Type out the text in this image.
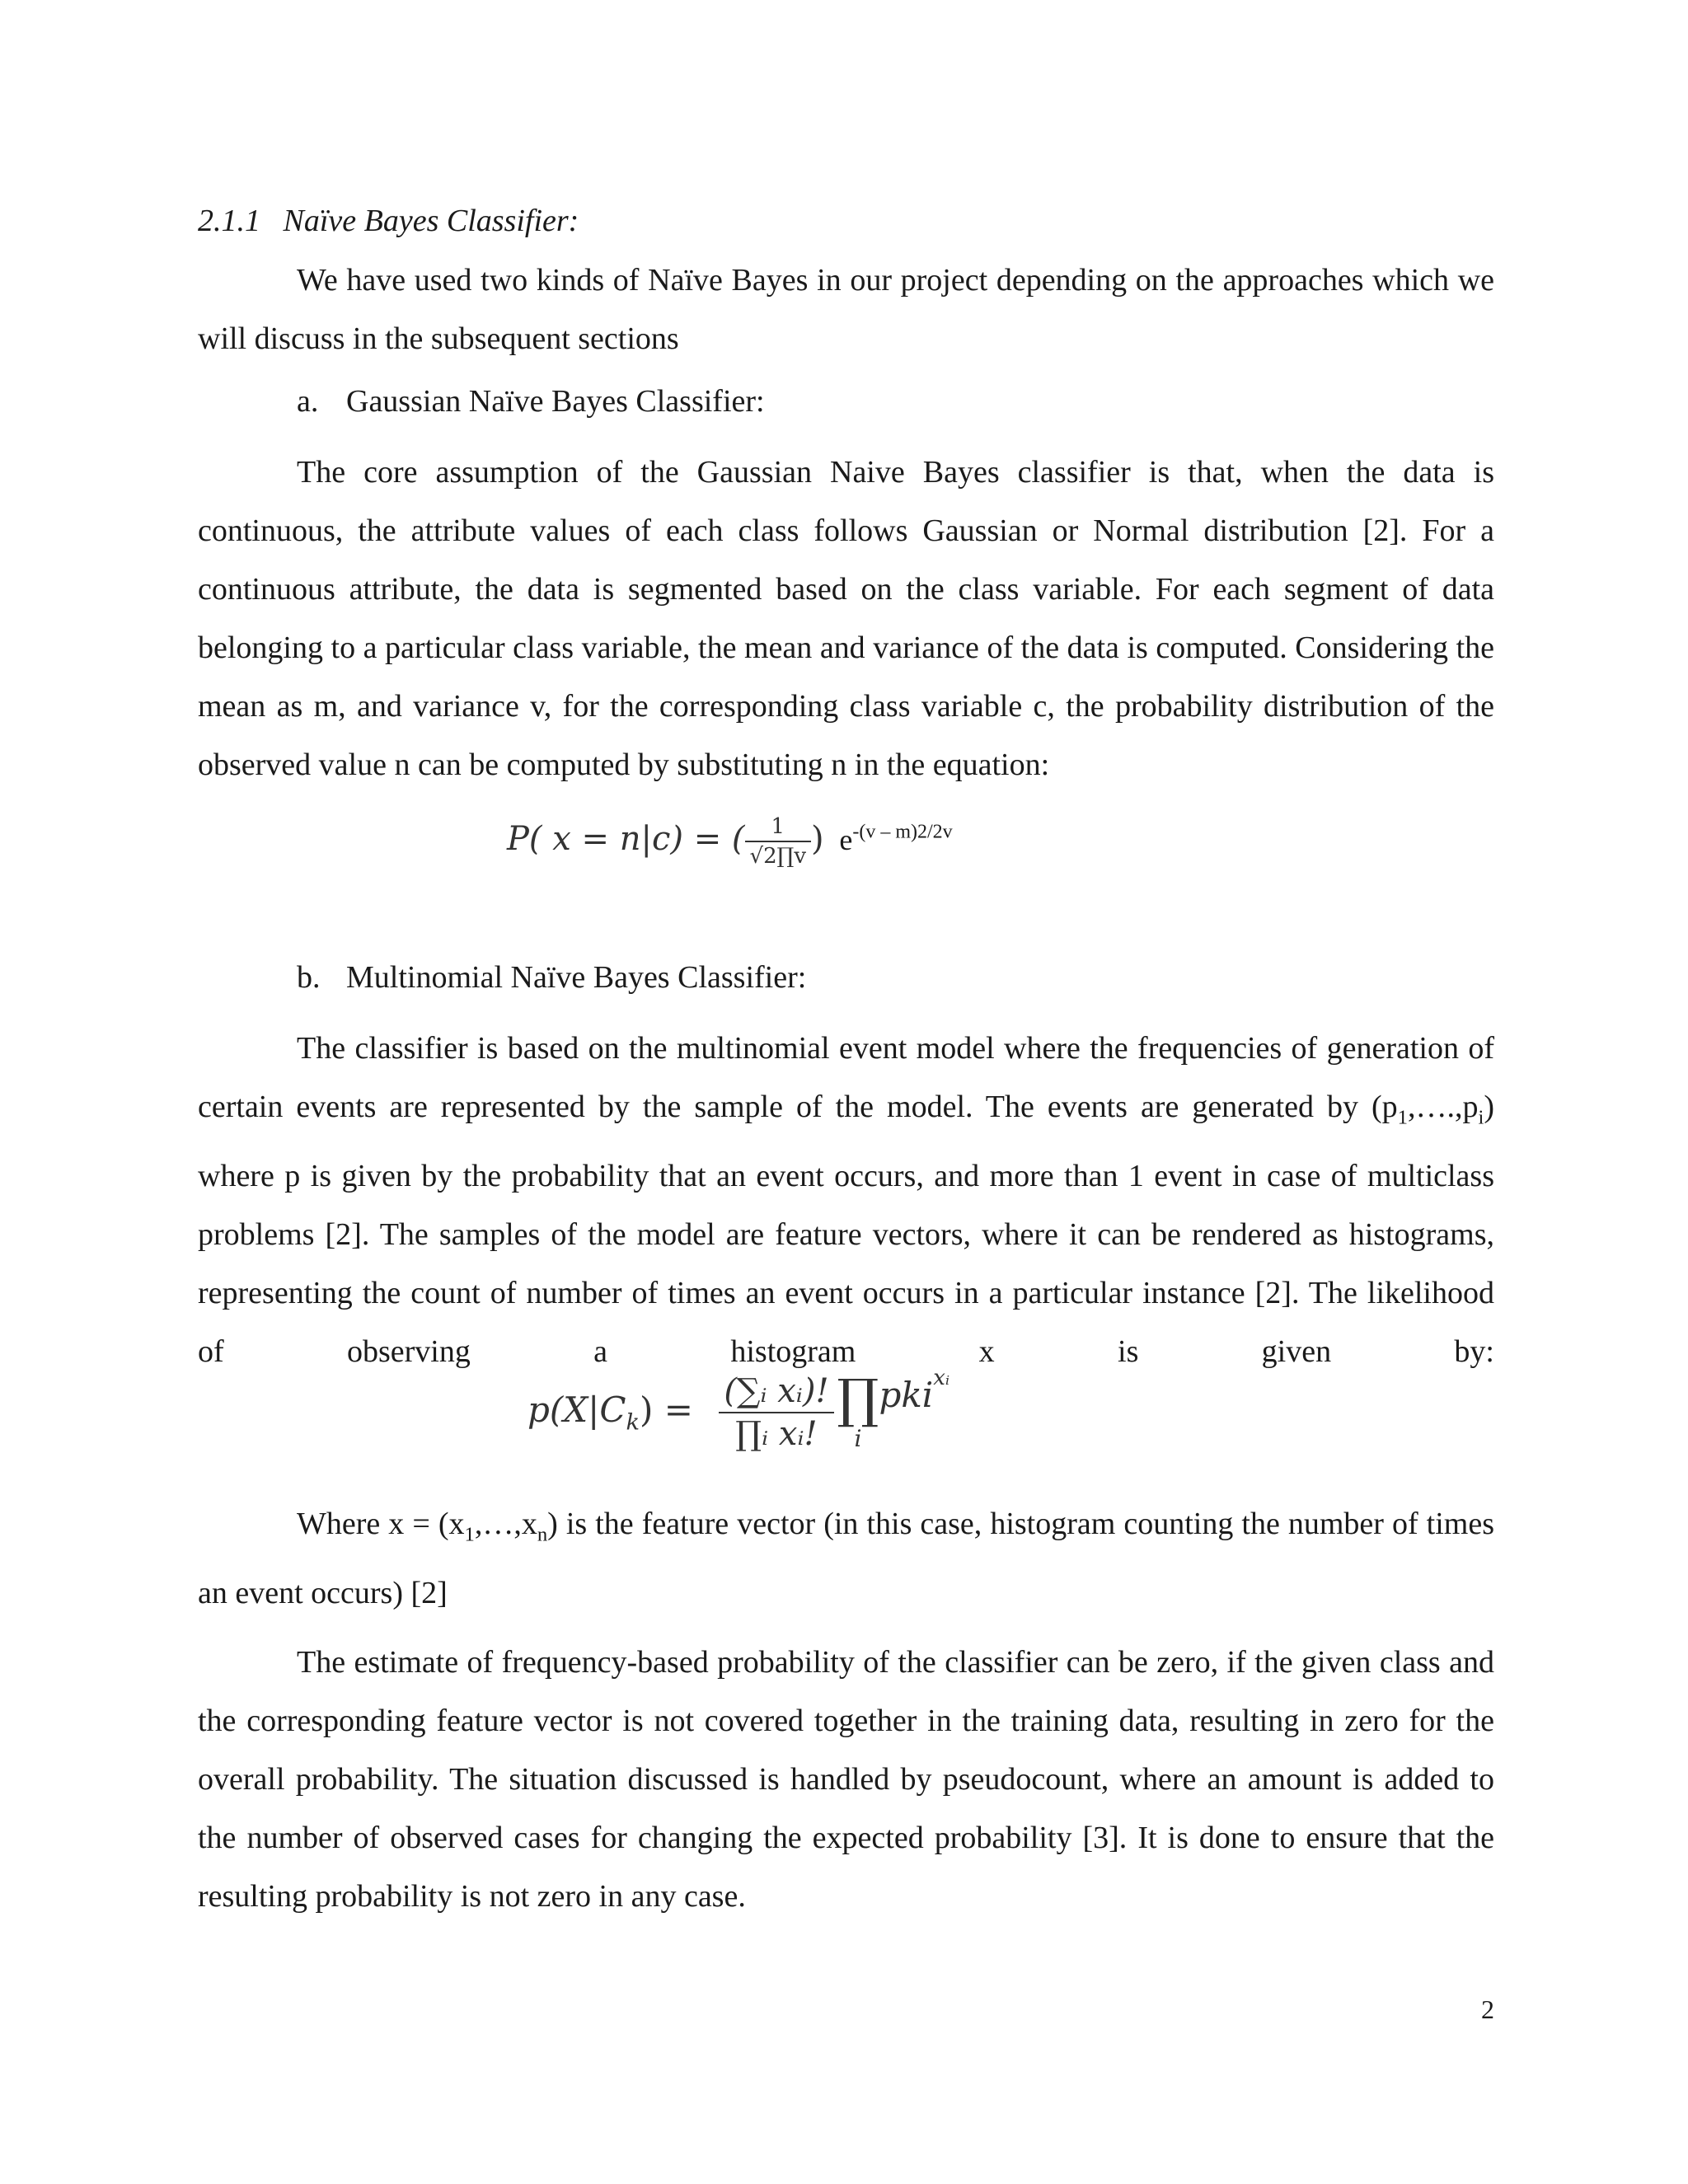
2.1.1 Naïve Bayes Classifier:

We have used two kinds of Naïve Bayes in our project depending on the approaches which we will discuss in the subsequent sections

a. Gaussian Naïve Bayes Classifier:

The core assumption of the Gaussian Naive Bayes classifier is that, when the data is continuous, the attribute values of each class follows Gaussian or Normal distribution [2]. For a continuous attribute, the data is segmented based on the class variable. For each segment of data belonging to a particular class variable, the mean and variance of the data is computed. Considering the mean as m, and variance v, for the corresponding class variable c, the probability distribution of the observed value n can be computed by substituting n in the equation:

P( x = n|c) = ( $\frac{1}{√2\prod v}$ ) $e^{-(v - m)2/2v}$
b. Multinomial Naïve Bayes Classifier:

The classifier is based on the multinomial event model where the frequencies of generation of certain events are represented by the sample of the model. The events are generated by $(p_1,\dots.,p_i)$ where p is given by the probability that an event occurs, and more than 1 event in case of multiclass problems [2]. The samples of the model are feature vectors, where it can be rendered as histograms, representing the count of number of times an event occurs in a particular instance [2]. The likelihood of observing a histogram x is given by:

$p(X|C_k) = \frac{\text{(∑ᵢ xᵢ)!}}{\text{∏ᵢ xᵢ!}}$ ∏
i
pki$^{xᵢ}$

Where $x = (x_1,\dots,x_n)$ is the feature vector (in this case, histogram counting the number of times an event occurs) [2]

The estimate of frequency-based probability of the classifier can be zero, if the given class and the corresponding feature vector is not covered together in the training data, resulting in zero for the overall probability. The situation discussed is handled by pseudocount, where an amount is added to the number of observed cases for changing the expected probability [3]. It is done to ensure that the resulting probability is not zero in any case.

2
